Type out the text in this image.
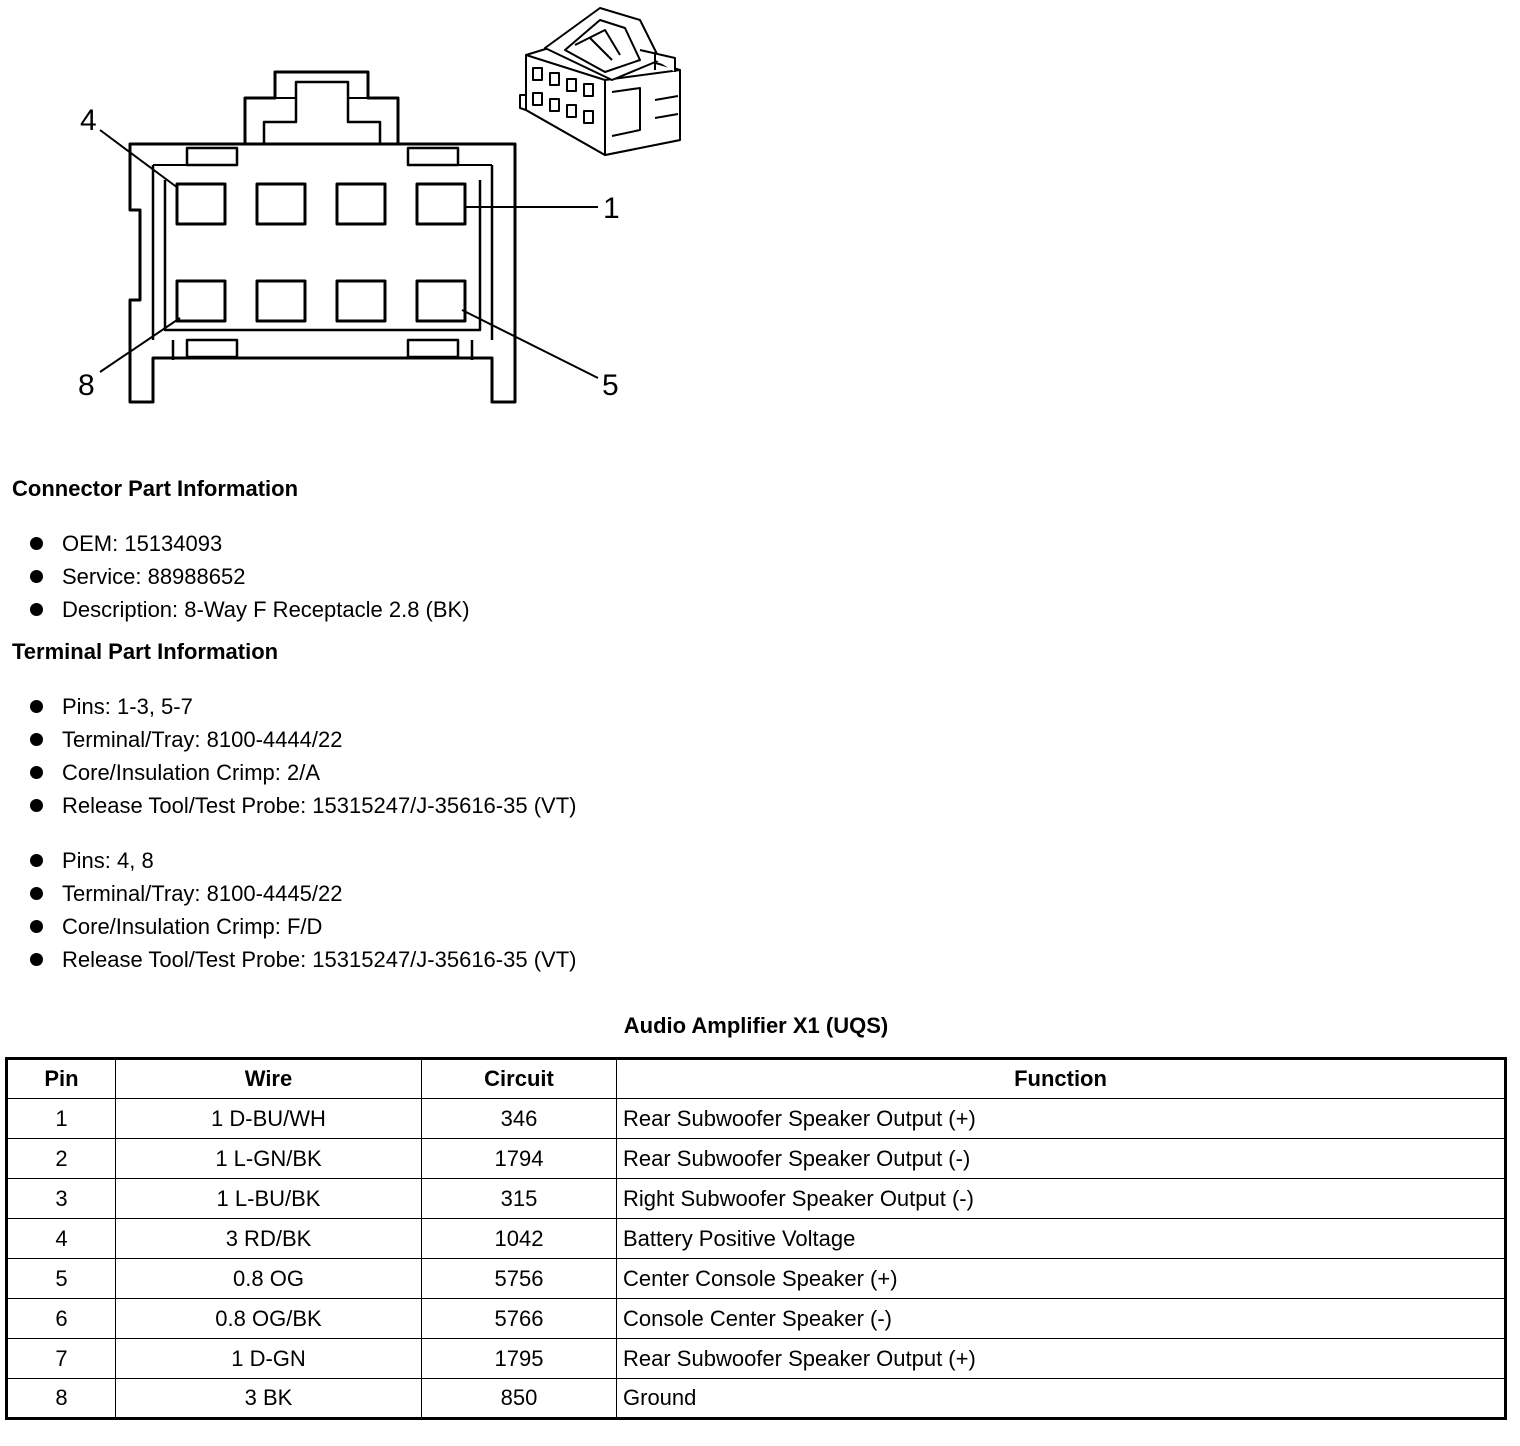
4
1
8	5
Connector Part Information
OEM: 15134093
Service: 88988652
Description: 8-Way F Receptacle 2.8 (BK)
Terminal Part Information
Pins: 1-3, 5-7
Terminal/Tray: 8100-4444/22
Core/Insulation Crimp: 2/A
Release Tool/Test Probe: 15315247/J-35616-35 (VT)
Pins: 4, 8
Terminal/Tray: 8100-4445/22
Core/Insulation Crimp: F/D
Release Tool/Test Probe: 15315247/J-35616-35 (VT)
Audio Amplifier X1 (UQS)
Pin	Wire	Circuit	Function
1	1 D-BU/WH	346	Rear Subwoofer Speaker Output (+)
2	1 L-GN/BK	1794	Rear Subwoofer Speaker Output (-)
3	1 L-BU/BK	315	Right Subwoofer Speaker Output (-)
4	3 RD/BK	1042	Battery Positive Voltage
5	0.8 OG	5756	Center Console Speaker (+)
6	0.8 OG/BK	5766	Console Center Speaker (-)
7	1 D-GN	1795	Rear Subwoofer Speaker Output (+)
8	3 BK	850	Ground
